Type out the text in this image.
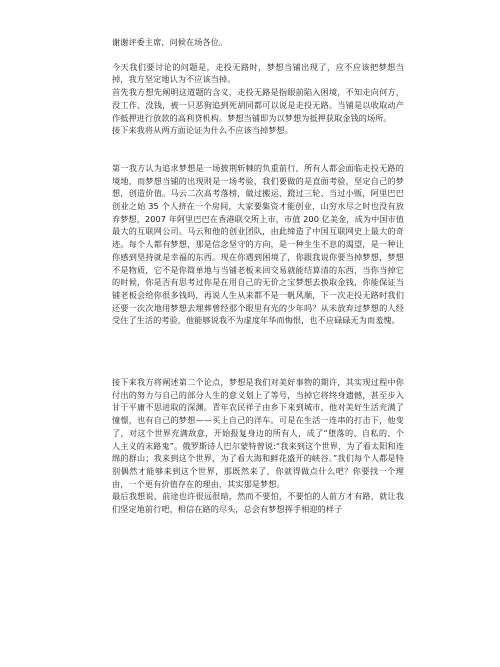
谢谢评委主席，问候在场各位。

今天我们要讨论的问题是，走投无路时，梦想当铺出现了，应不应该把梦想当掉，我方坚定地认为不应该当掉。

首先我方想先阐明这道题的含义，走投无路是指眼前陷入困境，不知走向何方，没工作、没钱，被一只恶狗追到死胡同都可以说是走投无路。当铺是以收取动产作抵押进行放款的高利贷机构。梦想当铺即为以梦想为抵押获取金钱的场所。

接下来我将从两方面论证为什么不应该当掉梦想。

第一我方认为追求梦想是一场披荆斩棘的负重前行，所有人都会面临走投无路的境地，而梦想当铺的出现则是一场考验，我们要做的是直面考验，坚定自己的梦想，创造价值。马云二次高考落榜，做过搬运、蹬过三轮、当过小贩，阿里巴巴创业之始 35 个人挤在一个房间，大家要集资才能创业，山穷水尽之时也没有放弃梦想，2007 年阿里巴巴在香港联交所上市，市值 200 亿美金，成为中国市值最大的互联网公司。马云和他的创业团队，由此缔造了中国互联网史上最大的奇迹。每个人都有梦想，那是信念坚守的方向，是一种生生不息的渴望，是一种让你感到坚持就是幸福的东西。现在你遇到困境了，你跟我说你要当掉梦想，梦想不是物质，它不是你简单地与当铺老板来回交易就能结算清的东西，当你当掉它的时候，你是否有思考过你是在用自己的无价之宝梦想去换取金钱，你能保证当铺老板会给你很多钱吗，再说人生从来都不是一帆风顺，下一次走投无路时我们还要一次次地用梦想去埋葬曾经那个眼里有光的少年吗？从未放弃过梦想的人经受住了生活的考验，他能够说我不为虚度年华而悔恨，也不应碌碌无为而羞愧。

接下来我方将阐述第二个论点，梦想是我们对美好事物的期许，其实现过程中你付出的努力与自己的部分人生的意义划上了等号，当掉它将终身遗憾，甚至步入甘于平庸不思进取的深渊。青年农民祥子由乡下来到城市，他对美好生活充满了憧憬，也有自己的梦想——买上自己的洋车。可是在生活一连串的打击下，他变了，对这个世界充满敌意，开始报复身边的所有人，成了“堕落的、自私的、个人主义的末路鬼”。俄罗斯诗人巴尔蒙特曾说:“我来到这个世界，为了看太阳和连绵的群山；我来到这个世界，为了看大海和鲜花盛开的峡谷。”我们每个人都是特别偶然才能够来到这个世界，那既然来了，你就得做点什么吧？你要找一个理由，一个更有价值存在的理由，其实那是梦想。

最后我想说，前途也许很远很暗，然而不要怕，不要怕的人前方才有路，就让我们坚定地前行吧，相信在路的尽头，总会有梦想挥手相迎的样子
